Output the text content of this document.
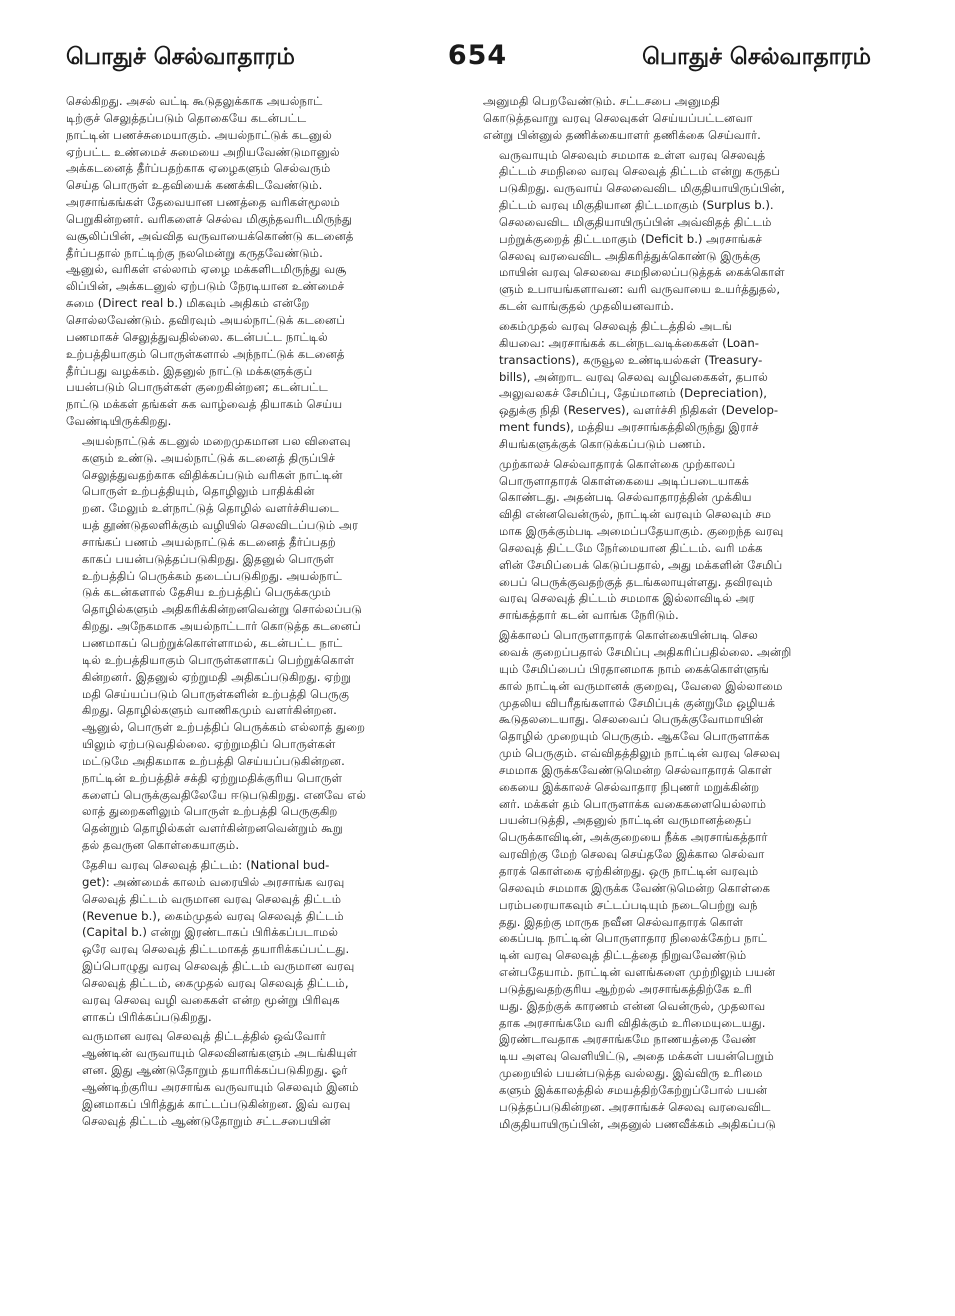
பொதுச் செல்வாதாரம்	654	பொதுச் செல்வாதாரம்
செல்கிறது. அசல் வட்டி கூடுதலுக்காக அயல்நாட்
டிற்குச் செலுத்தப்படும் தொகையே கடன்பட்ட
நாட்டின் பணச்சுமையாகும். அயல்நாட்டுக் கடனுல்
ஏற்பட்ட உண்மைச் சுமையை அறியவேண்டுமானுல்
அக்கடனைத் தீர்ப்பதற்காக ஏழைகளும் செல்வரும்
செய்த பொருள் உதவியைக் கணக்கிடவேண்டும்.
அரசாங்கங்கள் தேவையான பணத்தை வரிகள்மூலம்
பெறுகின்றனர். வரிகளைச் செல்வ மிகுந்தவரிடமிருந்து
வசூலிப்பின், அவ்வித வருவாயைக்கொண்டு கடனைத்
தீர்ப்பதால் நாட்டிற்கு நலமென்று கருதவேண்டும்.
ஆனுல், வரிகள் எல்லாம் ஏழை மக்களிடமிருந்து வசூ
லிப்பின், அக்கடனுல் ஏற்படும் நேரடியான உண்மைச்
சுமை (Direct real b.) மிகவும் அதிகம் என்றே
சொல்லவேண்டும். தவிரவும் அயல்நாட்டுக் கடனைப்
பணமாகச் செலுத்துவதில்லை. கடன்பட்ட நாட்டில்
உற்பத்தியாகும் பொருள்களால் அந்நாட்டுக் கடனைத்
தீர்ப்பது வழக்கம். இதனுல் நாட்டு மக்களுக்குப்
பயன்படும் பொருள்கள் குறைகின்றன; கடன்பட்ட
நாட்டு மக்கள் தங்கள் சுக வாழ்வைத் தியாகம் செய்ய
வேண்டியிருக்கிறது.
அயல்நாட்டுக் கடனுல் மறைமுகமான பல விளைவு
களும் உண்டு. அயல்நாட்டுக் கடனைத் திருப்பிச்
செலுத்துவதற்காக விதிக்கப்படும் வரிகள் நாட்டின்
பொருள் உற்பத்தியும், தொழிலும் பாதிக்கின்
றன. மேலும் உள்நாட்டுத் தொழில் வளர்ச்சியடை
யத் தூண்டுதலளிக்கும் வழியில் செலவிடப்படும் அர
சாங்கப் பணம் அயல்நாட்டுக் கடனைத் தீர்ப்பதற்
காகப் பயன்படுத்தப்படுகிறது. இதனுல் பொருள்
உற்பத்திப் பெருக்கம் தடைப்படுகிறது. அயல்நாட்
டுக் கடன்களால் தேசிய உற்பத்திப் பெருக்கமும்
தொழில்களும் அதிகரிக்கின்றனவென்று சொல்லப்படு
கிறது. அநேகமாக அயல்நாட்டார் கொடுத்த கடனைப்
பணமாகப் பெற்றுக்கொள்ளாமல், கடன்பட்ட நாட்
டில் உற்பத்தியாகும் பொருள்களாகப் பெற்றுக்கொள்
கின்றனர். இதனுல் ஏற்றுமதி அதிகப்படுகிறது. ஏற்று
மதி செய்யப்படும் பொருள்களின் உற்பத்தி பெருகு
கிறது. தொழில்களும் வாணிகமும் வளர்கின்றன.
ஆனுல், பொருள் உற்பத்திப் பெருக்கம் எல்லாத் துறை
யிலும் ஏற்படுவதில்லை. ஏற்றுமதிப் பொருள்கள்
மட்டுமே அதிகமாக உற்பத்தி செய்யப்படுகின்றன.
நாட்டின் உற்பத்திச் சக்தி ஏற்றுமதிக்குரிய பொருள்
களைப் பெருக்குவதிலேயே ஈடுபடுகிறது. எனவே எல்
லாத் துறைகளிலும் பொருள் உற்பத்தி பெருகுகிற
தென்றும் தொழில்கள் வளர்கின்றனவென்றும் கூறு
தல் தவருன கொள்கையாகும்.
தேசிய வரவு செலவுத் திட்டம்: (National bud-
get): அண்மைக் காலம் வரையில் அரசாங்க வரவு
செலவுத் திட்டம் வருமான வரவு செலவுத் திட்டம்
(Revenue b.), கைம்முதல் வரவு செலவுத் திட்டம்
(Capital b.) என்று இரண்டாகப் பிரிக்கப்படாமல்
ஒரே வரவு செலவுத் திட்டமாகத் தயாரிக்கப்பட்டது.
இப்பொழுது வரவு செலவுத் திட்டம் வருமான வரவு
செலவுத் திட்டம், கைமுதல் வரவு செலவுத் திட்டம்,
வரவு செலவு வழி வகைகள் என்ற மூன்று பிரிவுக
ளாகப் பிரிக்கப்படுகிறது.
வருமான வரவு செலவுத் திட்டத்தில் ஒவ்வோர்
ஆண்டின் வருவாயும் செலவினங்களும் அடங்கியுள்
ளன. இது ஆண்டுதோறும் தயாரிக்கப்படுகிறது. ஓர்
ஆண்டிற்குரிய அரசாங்க வருவாயும் செலவும் இனம்
இனமாகப் பிரித்துக் காட்டப்படுகின்றன. இவ் வரவு
செலவுத் திட்டம் ஆண்டுதோறும் சட்டசபையின்
அனுமதி பெறவேண்டும். சட்டசபை அனுமதி
கொடுத்தவாறு வரவு செலவுகள் செய்யப்பட்டனவா
என்று பின்னுல் தணிக்கையாளர் தணிக்கை செய்வார்.
வருவாயும் செலவும் சமமாக உள்ள வரவு செலவுத்
திட்டம் சமநிலை வரவு செலவுத் திட்டம் என்று கருதப்
படுகிறது. வருவாய் செலவைவிட மிகுதியாயிருப்பின்,
திட்டம் வரவு மிகுதியான திட்டமாகும் (Surplus b.).
செலவைவிட மிகுதியாயிருப்பின் அவ்விதத் திட்டம்
பற்றுக்குறைத் திட்டமாகும் (Deficit b.) அரசாங்கச்
செலவு வரவைவிட அதிகரித்துக்கொண்டு இருக்கு
மாயின் வரவு செலவை சமநிலைப்படுத்தக் கைக்கொள்
ளும் உபாயங்களாவன: வரி வருவாயை உயர்த்துதல்,
கடன் வாங்குதல் முதலியனவாம்.
கைம்முதல் வரவு செலவுத் திட்டத்தில் அடங்
கியவை: அரசாங்கக் கடன்நடவடிக்கைகள் (Loan-
transactions), கருவூல உண்டியல்கள் (Treasury-
bills), அன்றாட வரவு செலவு வழிவகைகள், தபால்
அலுவலகச் சேமிப்பு, தேய்மானம் (Depreciation),
ஒதுக்கு நிதி (Reserves), வளர்ச்சி நிதிகள் (Develop-
ment funds), மத்திய அரசாங்கத்திலிருந்து இராச்
சியங்களுக்குக் கொடுக்கப்படும் பணம்.
முற்காலச் செல்வாதாரக் கொள்கை முற்காலப்
பொருளாதாரக் கொள்கையை அடிப்படையாகக்
கொண்டது. அதன்படி செல்வாதாரத்தின் முக்கிய
விதி என்னவென்ருல், நாட்டின் வரவும் செலவும் சம
மாக இருக்கும்படி அமைப்பதேயாகும். குறைந்த வரவு
செலவுத் திட்டமே நேர்மையான திட்டம். வரி மக்க
ளின் சேமிப்பைக் கெடுப்பதால், அது மக்களின் சேமிப்
பைப் பெருக்குவதற்குத் தடங்கலாயுள்ளது. தவிரவும்
வரவு செலவுத் திட்டம் சமமாக இல்லாவிடில் அர
சாங்கத்தார் கடன் வாங்க நேரிடும்.
இக்காலப் பொருளாதாரக் கொள்கையின்படி செல
வைக் குறைப்பதால் சேமிப்பு அதிகரிப்பதில்லை. அன்றி
யும் சேமிப்பைப் பிரதானமாக நாம் கைக்கொள்ளுங்
கால் நாட்டின் வருமானக் குறைவு, வேலை இல்லாமை
முதலிய விபரீதங்களால் சேமிப்புக் குன்றுமே ஒழியக்
கூடுதலடையாது. செலவைப் பெருக்குவோமாயின்
தொழில் முறையும் பெருகும். ஆகவே பொருளாக்க
மும் பெருகும். எவ்விதத்திலும் நாட்டின் வரவு செலவு
சமமாக இருக்கவேண்டுமென்ற செல்வாதாரக் கொள்
கையை இக்காலச் செல்வாதார நிபுணர் மறுக்கின்ற
னர். மக்கள் தம் பொருளாக்க வகைகளையெல்லாம்
பயன்படுத்தி, அதனுல் நாட்டின் வருமானத்தைப்
பெருக்காவிடின், அக்குறையை நீக்க அரசாங்கத்தார்
வரவிற்கு மேற் செலவு செய்தலே இக்கால செல்வா
தாரக் கொள்கை ஏற்கின்றது. ஒரு நாட்டின் வரவும்
செலவும் சமமாக இருக்க வேண்டுமென்ற கொள்கை
பரம்பரையாகவும் சட்டப்படியும் நடைபெற்று வந்
தது. இதற்கு மாருக நவீன செல்வாதாரக் கொள்
கைப்படி நாட்டின் பொருளாதார நிலைக்கேற்ப நாட்
டின் வரவு செலவுத் திட்டத்தை நிறுவவேண்டும்
என்பதேயாம். நாட்டின் வளங்களை முற்றிலும் பயன்
படுத்துவதற்குரிய ஆற்றல் அரசாங்கத்திற்கே உரி
யது. இதற்குக் காரணம் என்ன வென்ருல், முதலாவ
தாக அரசாங்கமே வரி விதிக்கும் உரிமையுடையது.
இரண்டாவதாக அரசாங்கமே நாணயத்தை வேண்
டிய அளவு வெளியிட்டு, அதை மக்கள் பயன்பெறும்
முறையில் பயன்படுத்த வல்லது. இவ்விரு உரிமை
களும் இக்காலத்தில் சமயத்திற்கேற்றுப்போல் பயன்
படுத்தப்படுகின்றன. அரசாங்கச் செலவு வரவைவிட
மிகுதியாயிருப்பின், அதனுல் பணவீக்கம் அதிகப்படு
